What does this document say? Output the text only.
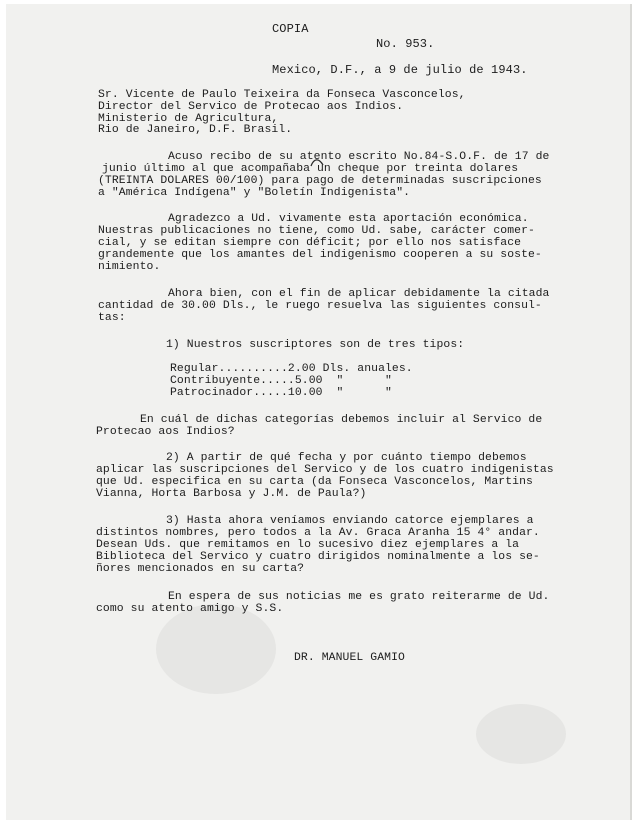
COPIA
No. 953.
Mexico, D.F., a 9 de julio de 1943.
Sr. Vicente de Paulo Teixeira da Fonseca Vasconcelos,
Director del Servico de Protecao aos Indios.
Ministerio de Agricultura,
Rio de Janeiro, D.F. Brasil.
Acuso recibo de su atento escrito No.84-S.O.F. de 17 de
junio último al que acompañaba un cheque por treinta dolares
(TREINTA DOLARES 00/100) para pago de determinadas suscripciones
a "América Indígena" y "Boletín Indigenista".
Agradezco a Ud. vivamente esta aportación económica.
Nuestras publicaciones no tiene, como Ud. sabe, carácter comer-
cial, y se editan siempre con déficit; por ello nos satisface
grandemente que los amantes del indigenismo cooperen a su soste-
nimiento.
Ahora bien, con el fin de aplicar debidamente la citada
cantidad de 30.00 Dls., le ruego resuelva las siguientes consul-
tas:
1) Nuestros suscriptores son de tres tipos:
Regular..........2.00 Dls. anuales.
Contribuyente.....5.00  "      "
Patrocinador.....10.00  "      "
En cuál de dichas categorías debemos incluir al Servico de
Protecao aos Indios?
2) A partir de qué fecha y por cuánto tiempo debemos
aplicar las suscripciones del Servico y de los cuatro indigenistas
que Ud. especifica en su carta (da Fonseca Vasconcelos, Martins
Vianna, Horta Barbosa y J.M. de Paula?)
3) Hasta ahora veníamos enviando catorce ejemplares a
distintos nombres, pero todos a la Av. Graca Aranha 15 4° andar.
Desean Uds. que remitamos en lo sucesivo diez ejemplares a la
Biblioteca del Servico y cuatro dirigidos nominalmente a los se-
ñores mencionados en su carta?
En espera de sus noticias me es grato reiterarme de Ud.
como su atento amigo y S.S.
DR. MANUEL GAMIO
